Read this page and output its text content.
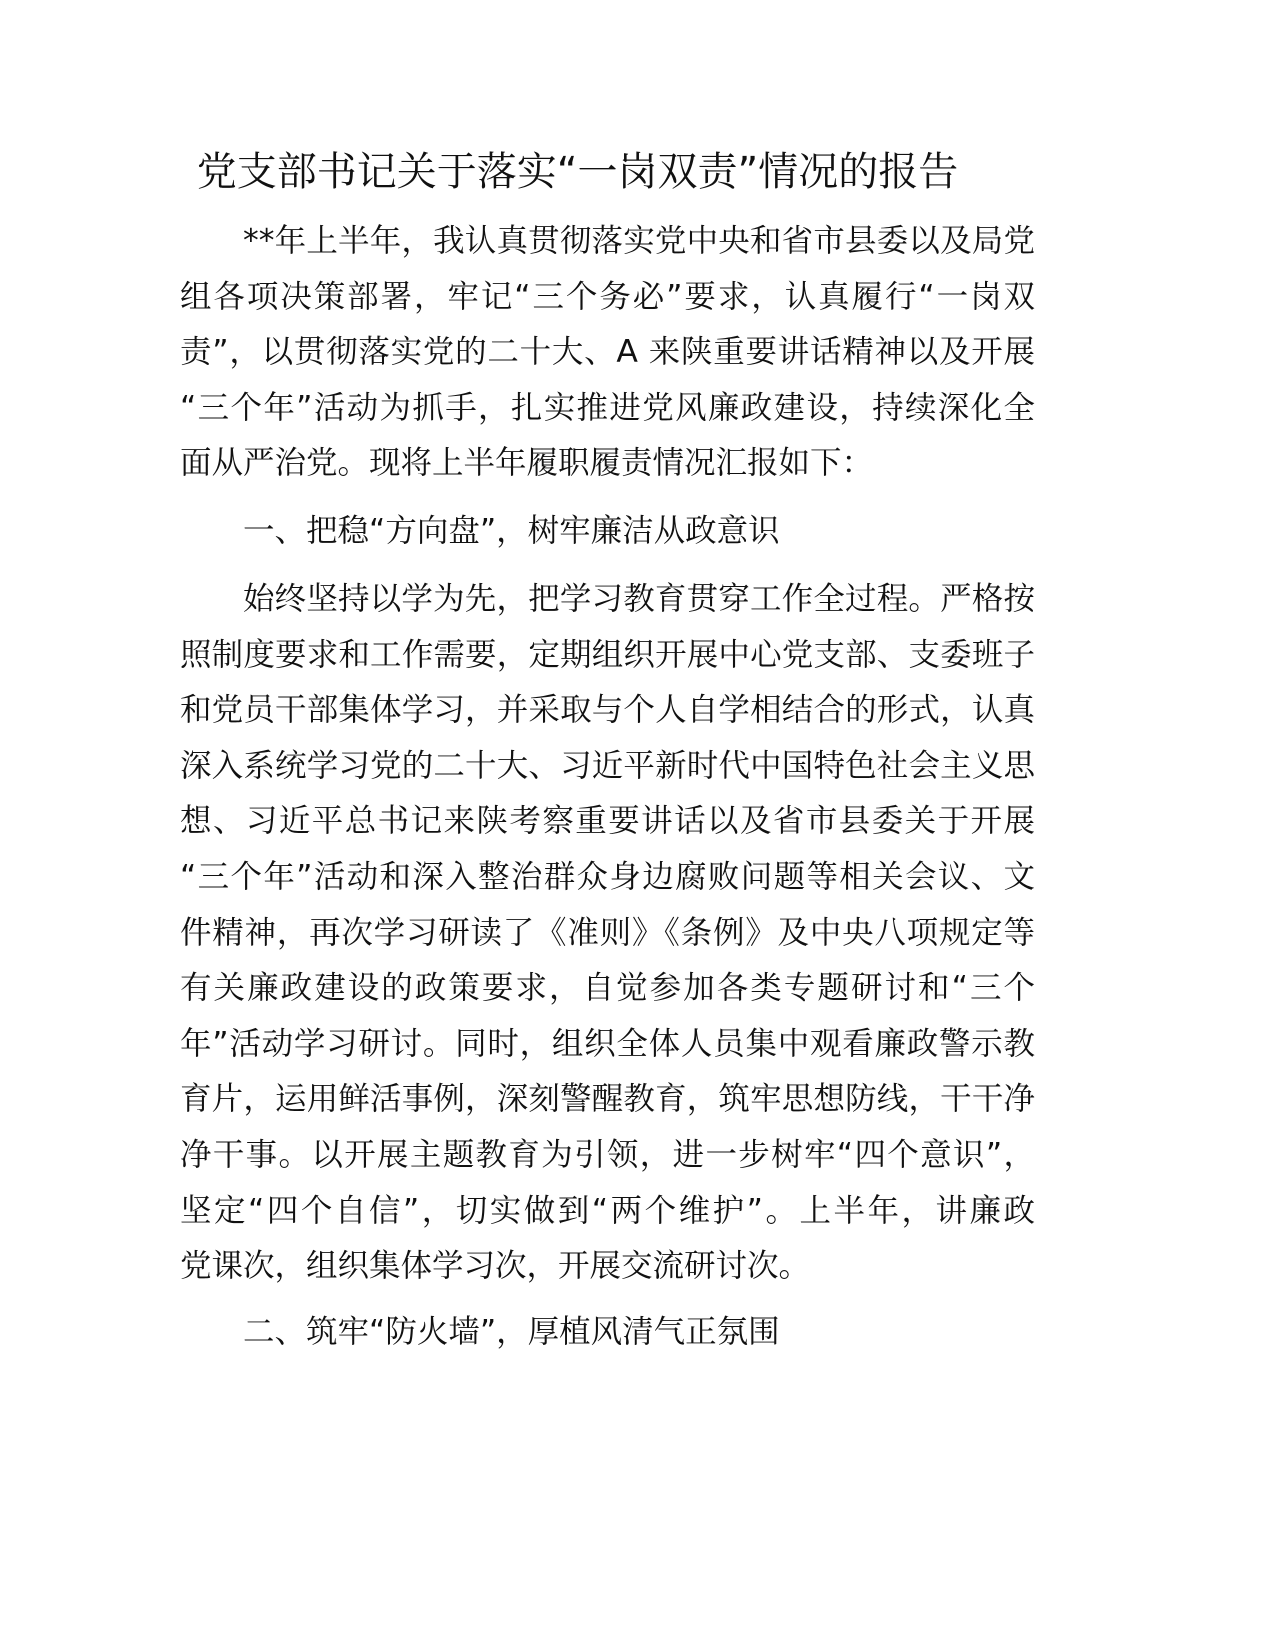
党支部书记关于落实“一岗双责”情况的报告
**年上半年，我认真贯彻落实党中央和省市县委以及局党
组各项决策部署，牢记“三个务必”要求，认真履行“一岗双
责”，以贯彻落实党的二十大、A 来陕重要讲话精神以及开展
“三个年”活动为抓手，扎实推进党风廉政建设，持续深化全
面从严治党。现将上半年履职履责情况汇报如下：
一、把稳“方向盘”，树牢廉洁从政意识
始终坚持以学为先，把学习教育贯穿工作全过程。严格按
照制度要求和工作需要，定期组织开展中心党支部、支委班子
和党员干部集体学习，并采取与个人自学相结合的形式，认真
深入系统学习党的二十大、习近平新时代中国特色社会主义思
想、习近平总书记来陕考察重要讲话以及省市县委关于开展
“三个年”活动和深入整治群众身边腐败问题等相关会议、文
件精神，再次学习研读了《准则》《条例》及中央八项规定等
有关廉政建设的政策要求，自觉参加各类专题研讨和“三个
年”活动学习研讨。同时，组织全体人员集中观看廉政警示教
育片，运用鲜活事例，深刻警醒教育，筑牢思想防线，干干净
净干事。以开展主题教育为引领，进一步树牢“四个意识”，
坚定“四个自信”，切实做到“两个维护”。上半年，讲廉政
党课次，组织集体学习次，开展交流研讨次。
二、筑牢“防火墙”，厚植风清气正氛围
